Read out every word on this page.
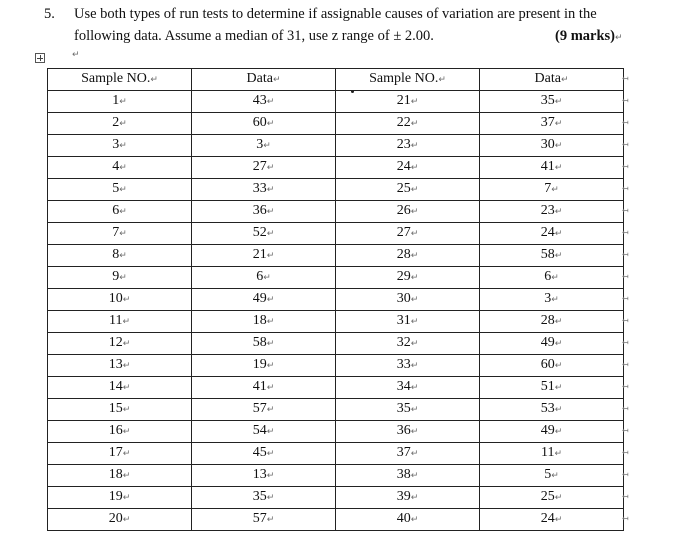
5. Use both types of run tests to determine if assignable causes of variation are present in the
following data. Assume a median of 31, use z range of ± 2.00.	(9 marks)↵
↵
Sample NO.↵	Data↵	Sample NO.↵	Data↵
1↵	43↵	21↵	35↵
2↵	60↵	22↵	37↵
3↵	3↵	23↵	30↵
4↵	27↵	24↵	41↵
5↵	33↵	25↵	7↵
6↵	36↵	26↵	23↵
7↵	52↵	27↵	24↵
8↵	21↵	28↵	58↵
9↵	6↵	29↵	6↵
10↵	49↵	30↵	3↵
11↵	18↵	31↵	28↵
12↵	58↵	32↵	49↵
13↵	19↵	33↵	60↵
14↵	41↵	34↵	51↵
15↵	57↵	35↵	53↵
16↵	54↵	36↵	49↵
17↵	45↵	37↵	11↵
18↵	13↵	38↵	5↵
19↵	35↵	39↵	25↵
20↵	57↵	40↵	24↵
↤
↤
↤
↤
↤
↤
↤
↤
↤
↤
↤
↤
↤
↤
↤
↤
↤
↤
↤
↤
↤
